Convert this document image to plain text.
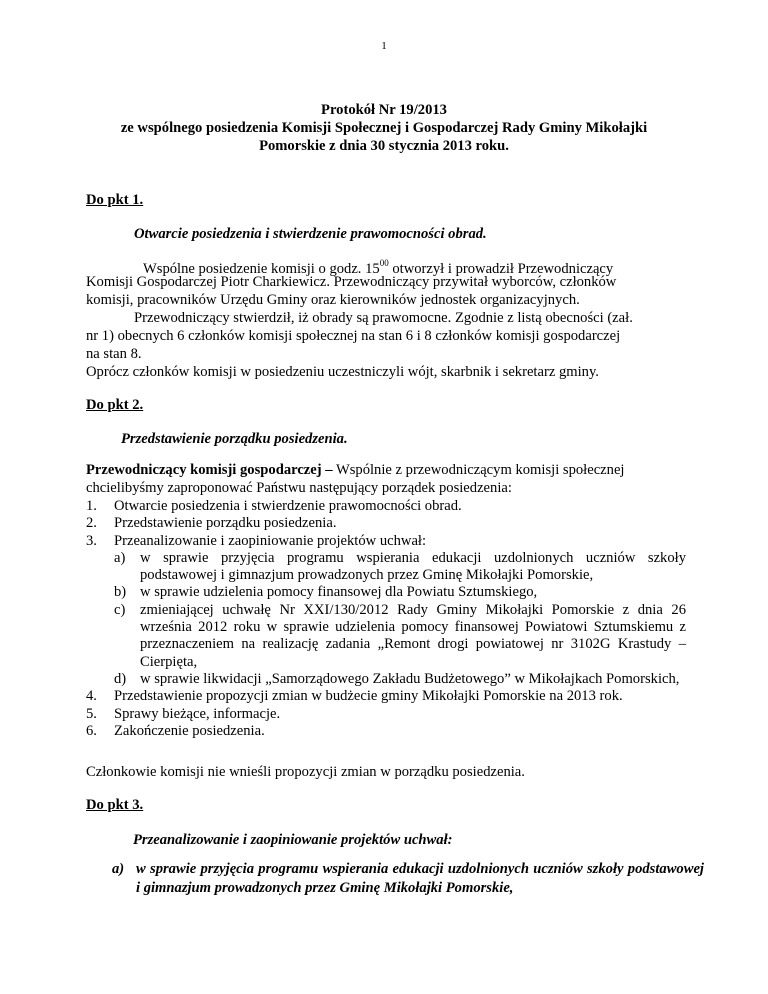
1
Protokół Nr 19/2013
ze wspólnego posiedzenia Komisji Społecznej i Gospodarczej Rady Gminy Mikołajki
Pomorskie z dnia 30 stycznia 2013 roku.
Do pkt 1.
Otwarcie posiedzenia i stwierdzenie prawomocności obrad.
Wspólne posiedzenie komisji o godz. $15^{00}$ otworzył i prowadził Przewodniczący
Komisji Gospodarczej Piotr Charkiewicz. Przewodniczący przywitał wyborców, członków
komisji, pracowników Urzędu Gminy oraz kierowników jednostek organizacyjnych.
Przewodniczący stwierdził, iż obrady są prawomocne. Zgodnie z listą obecności (zał.
nr 1) obecnych 6 członków komisji społecznej na stan 6 i 8 członków komisji gospodarczej
na stan 8.
Oprócz członków komisji w posiedzeniu uczestniczyli wójt, skarbnik i sekretarz gminy.
Do pkt 2.
Przedstawienie porządku posiedzenia.
Przewodniczący komisji gospodarczej – Wspólnie z przewodniczącym komisji społecznej
chcielibyśmy zaproponować Państwu następujący porządek posiedzenia:
1. Otwarcie posiedzenia i stwierdzenie prawomocności obrad.
2. Przedstawienie porządku posiedzenia.
3. Przeanalizowanie i zaopiniowanie projektów uchwał:
a) w sprawie przyjęcia programu wspierania edukacji uzdolnionych uczniów szkoły podstawowej i gimnazjum prowadzonych przez Gminę Mikołajki Pomorskie,
b) w sprawie udzielenia pomocy finansowej dla Powiatu Sztumskiego,
c) zmieniającej uchwałę Nr XXI/130/2012 Rady Gminy Mikołajki Pomorskie z dnia 26 września 2012 roku w sprawie udzielenia pomocy finansowej Powiatowi Sztumskiemu z przeznaczeniem na realizację zadania „Remont drogi powiatowej nr 3102G Krastudy – Cierpięta,
d) w sprawie likwidacji „Samorządowego Zakładu Budżetowego” w Mikołajkach Pomorskich,
4. Przedstawienie propozycji zmian w budżecie gminy Mikołajki Pomorskie na 2013 rok.
5. Sprawy bieżące, informacje.
6. Zakończenie posiedzenia.
Członkowie komisji nie wnieśli propozycji zmian w porządku posiedzenia.
Do pkt 3.
Przeanalizowanie i zaopiniowanie projektów uchwał:
a) w sprawie przyjęcia programu wspierania edukacji uzdolnionych uczniów szkoły podstawowej i gimnazjum prowadzonych przez Gminę Mikołajki Pomorskie,
